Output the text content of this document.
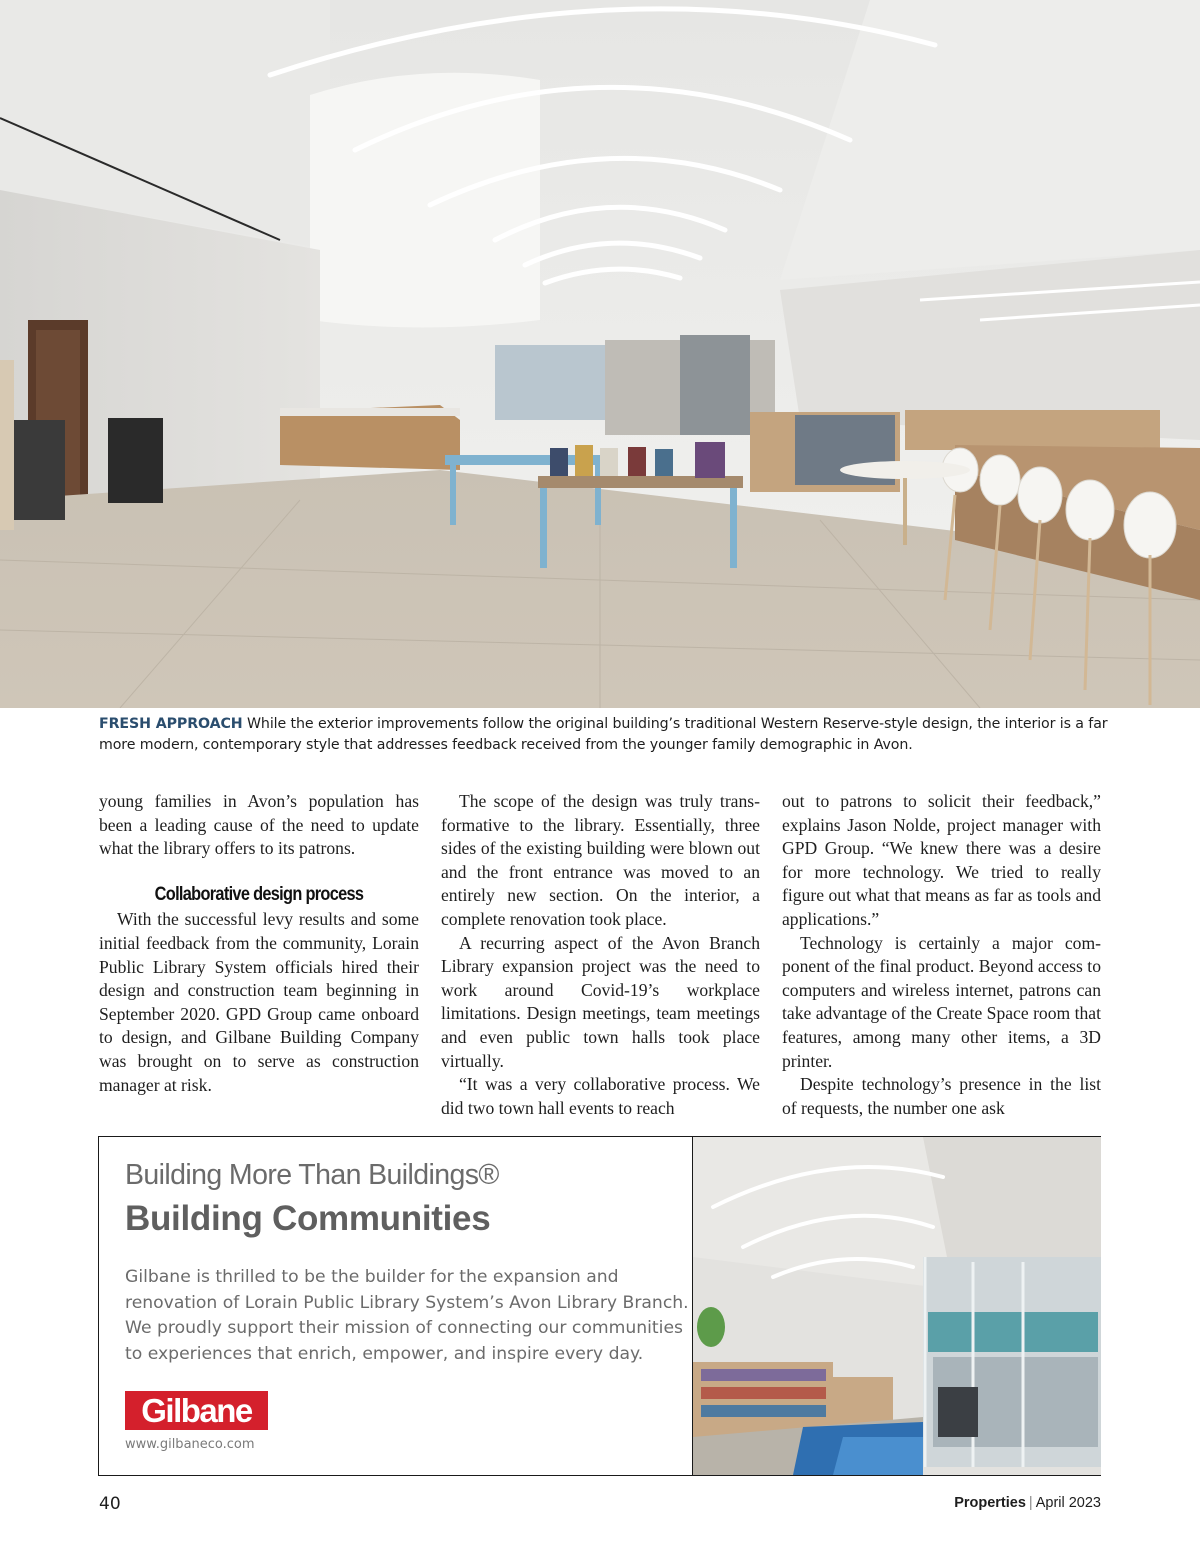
FRESH APPROACH While the exterior improvements follow the original building’s traditional Western Reserve-style design, the interior is a far more modern, contemporary style that addresses feedback received from the younger family demographic in Avon.

young families in Avon’s population has been a leading cause of the need to update what the library offers to its patrons.

Collaborative design process

With the successful levy results and some initial feedback from the community, Lorain Public Library System officials hired their design and construction team beginning in September 2020. GPD Group came onboard to design, and Gilbane Building Company was brought on to serve as construction manager at risk.

The scope of the design was truly transformative to the library. Essentially, three sides of the existing building were blown out and the front entrance was moved to an entirely new section. On the interior, a complete renovation took place.

A recurring aspect of the Avon Branch Library expansion project was the need to work around Covid-19’s workplace limitations. Design meetings, team meetings and even public town halls took place virtually.

“It was a very collaborative process. We did two town hall events to reach

out to patrons to solicit their feedback,” explains Jason Nolde, project manager with GPD Group. “We knew there was a desire for more technology. We tried to really figure out what that means as far as tools and applications.”

Technology is certainly a major component of the final product. Beyond access to computers and wireless internet, patrons can take advantage of the Create Space room that features, among many other items, a 3D printer.

Despite technology’s presence in the list of requests, the number one ask

Building More Than Buildings®
Building Communities
Gilbane is thrilled to be the builder for the expansion and renovation of Lorain Public Library System’s Avon Library Branch. We proudly support their mission of connecting our communities to experiences that enrich, empower, and inspire every day.
Gilbane
www.gilbaneco.com
40	Properties | April 2023
